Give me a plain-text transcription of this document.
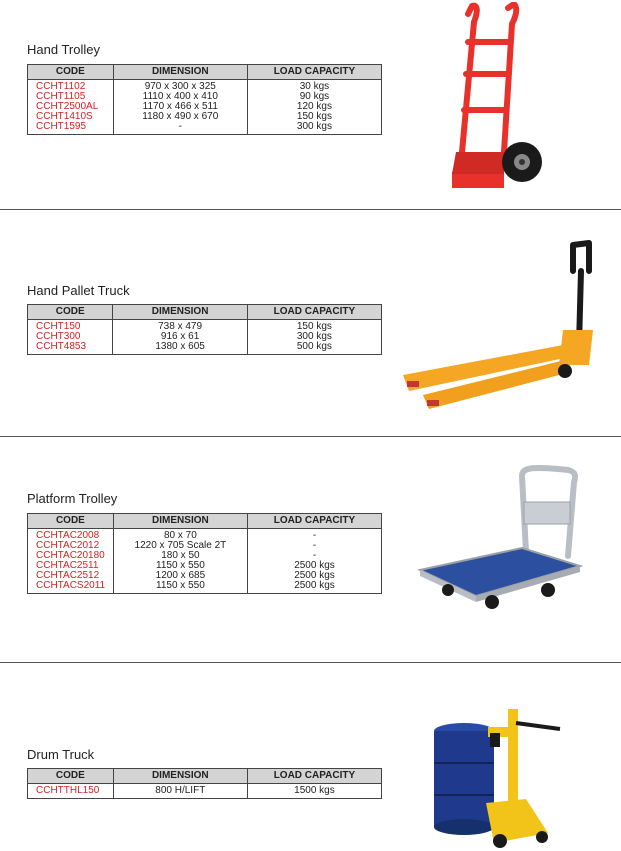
Hand Trolley
CODE	DIMENSION	LOAD CAPACITY
CCHT1102	970 x 300 x 325	30 kgs
CCHT1105	1110 x 400 x 410	90 kgs
CCHT2500AL	1170 x 466 x 511	120 kgs
CCHT1410S	1180 x 490 x 670	150 kgs
CCHT1595	-	300 kgs
Hand Pallet Truck
CODE	DIMENSION	LOAD CAPACITY
CCHT150	738 x 479	150 kgs
CCHT300	916 x 61	300 kgs
CCHT4853	1380 x 605	500 kgs
Platform Trolley
CODE	DIMENSION	LOAD CAPACITY
CCHTAC2008	80 x 70	-
CCHTAC2012	1220 x 705 Scale 2T	-
CCHTAC20180	180 x 50	-
CCHTAC2511	1150 x 550	2500 kgs
CCHTAC2512	1200 x 685	2500 kgs
CCHTACS2011	1150 x 550	2500 kgs
Drum Truck
CODE	DIMENSION	LOAD CAPACITY
CCHTTHL150	800 H/LIFT	1500 kgs
